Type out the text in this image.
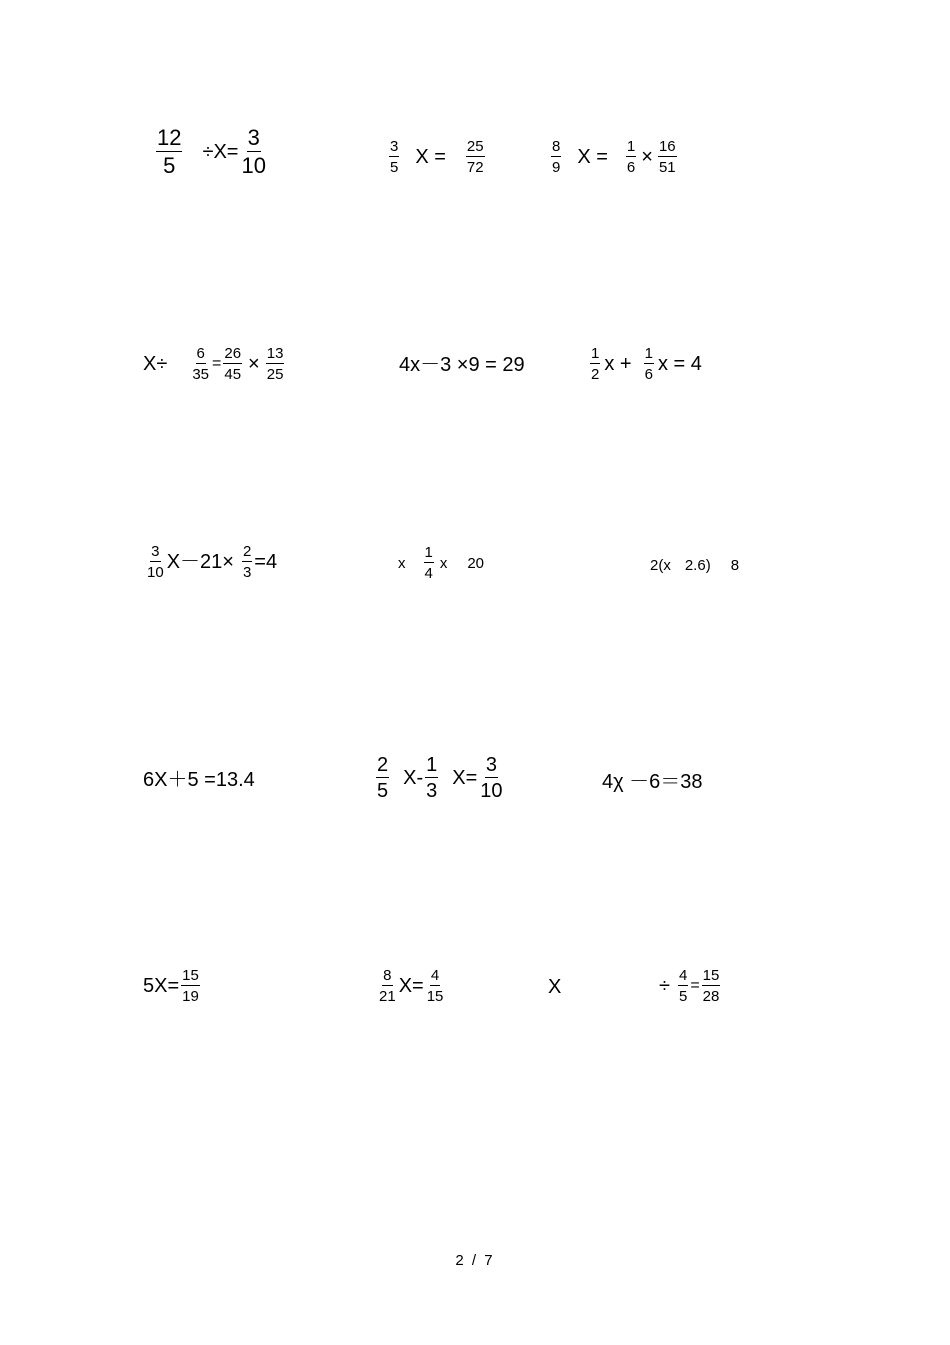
$\frac{12}{5} \div X= \frac{3}{10}$	$\frac{3}{5}$ $X = \frac{25}{72}$	$\frac{8}{9}$ $X = \frac{1}{6} \times \frac{16}{51}$
$X\div \frac{6}{35} = \frac{26}{45} \times \frac{13}{25}$	4x－3 ×9 = 29	$\frac{1}{2}$ $x + \frac{1}{6}$ x = 4
$\frac{3}{10} X-21\times \frac{2}{3} =4$	x $\frac{1}{4}$ x 20	2(x 2.6) 8
6X＋5 =13.4	$\frac{2}{5} X- \frac{1}{3} X= \frac{3}{10}$	4χ －6＝38
$5X= \frac{15}{19}$	$\frac{8}{21} X= \frac{4}{15}$	X	÷ $\frac{4}{5} = \frac{15}{28}$
2 / 7
